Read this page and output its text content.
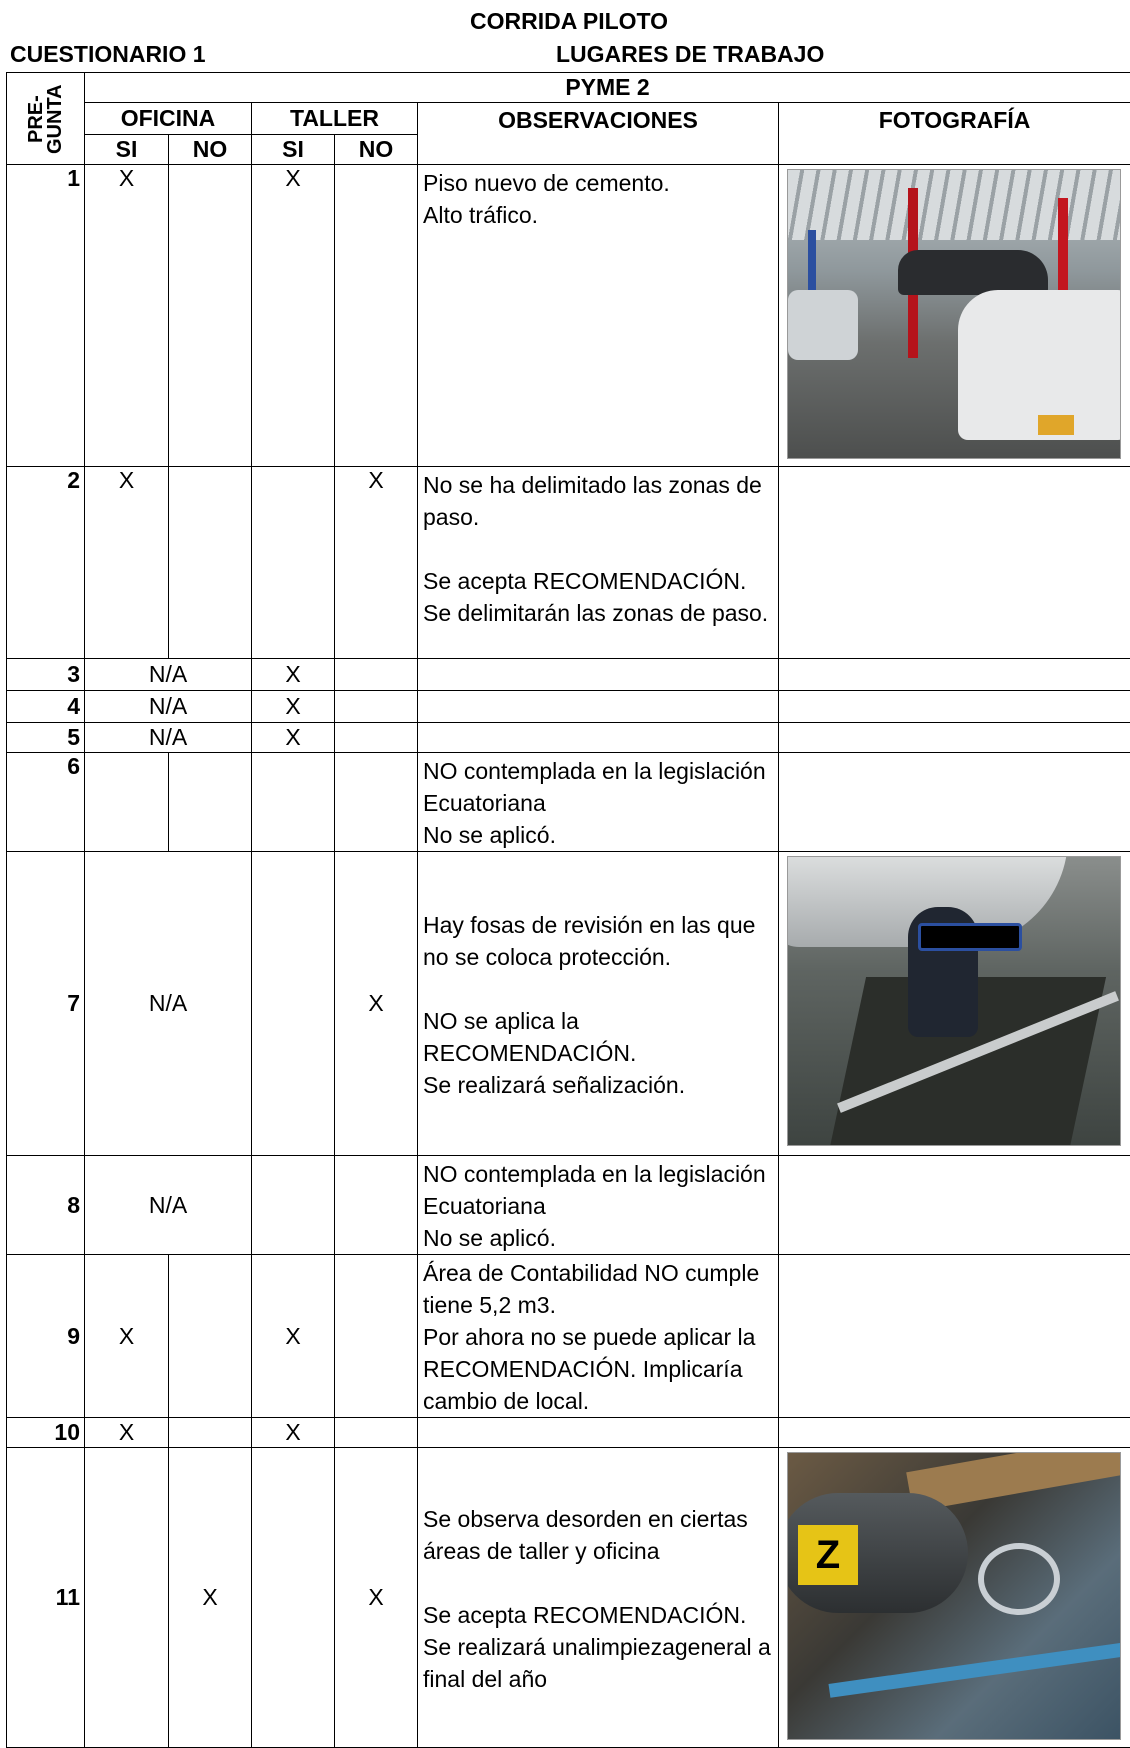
CORRIDA PILOTO
CUESTIONARIO 1	LUGARES DE TRABAJO
PRE-GUNTA	PYME 2					
	OFICINA		TALLER		OBSERVACIONES	FOTOGRAFÍA
	SI	NO	SI	NO		
1	X		X		Piso nuevo de cemento.

Alto tráfico.	

2	X			X	No se ha delimitado las zonas de paso.

Se acepta RECOMENDACIÓN.

Se delimitarán las zonas de paso.	

3	N/A		X			
4	N/A		X			
5	N/A		X			
6					NO contemplada en la legislación Ecuatoriana

No se aplicó.	

7	N/A			X	Hay fosas de revisión en las que no se coloca protección.

NO se aplica la RECOMENDACIÓN.

Se realizará señalización.	

8	N/A				NO contemplada en la legislación Ecuatoriana

No se aplicó.	

9	X		X		Área de Contabilidad NO cumple tiene 5,2 m3.

Por ahora no se puede aplicar la RECOMENDACIÓN. Implicaría cambio de local.	

10	X		X			
11		X		X	Se observa desorden en ciertas áreas de taller y oficina

Se acepta RECOMENDACIÓN.

Se realizará unalimpiezageneral a final del año	Z
